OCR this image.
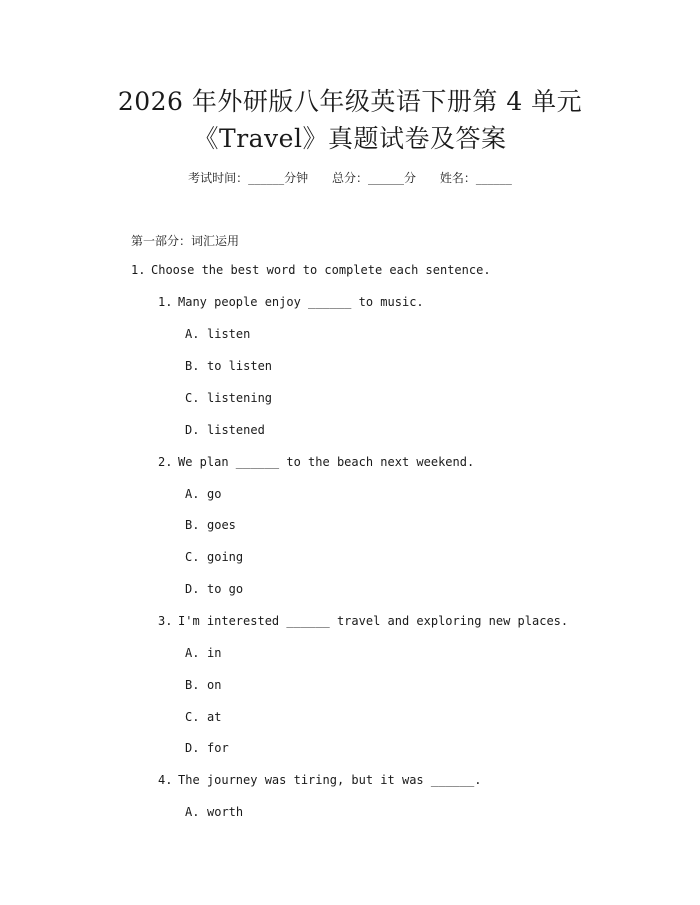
2026 年外研版八年级英语下册第 4 单元
《Travel》真题试卷及答案
考试时间：______分钟 总分：______分 姓名：______
第一部分：词汇运用
1. Choose the best word to complete each sentence.
1. Many people enjoy ______ to music.
A. listen
B. to listen
C. listening
D. listened
2. We plan ______ to the beach next weekend.
A. go
B. goes
C. going
D. to go
3. I'm interested ______ travel and exploring new places.
A. in
B. on
C. at
D. for
4. The journey was tiring, but it was ______.
A. worth
